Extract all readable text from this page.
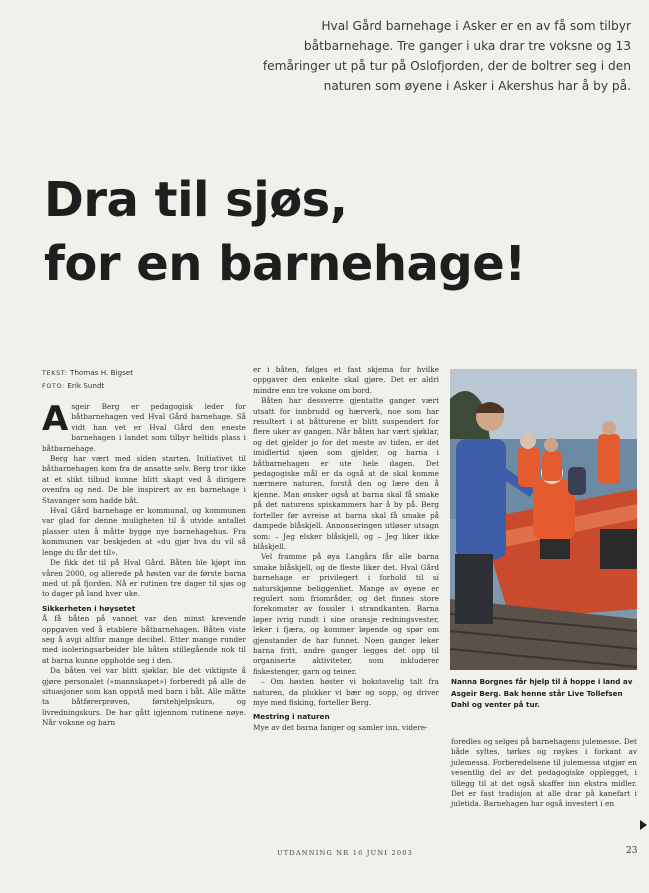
Hval Gård barnehage i Asker er en av få som tilbyr båtbarnehage. Tre ganger i uka drar tre voksne og 13 femåringer ut på tur på Oslofjorden, der de boltrer seg i den naturen som øyene i Asker i Akershus har å by på.
Dra til sjøs,
for en barnehage!
TEKST: Thomas H. Bigset
FOTO: Erik Sundt

Asgeir Berg er pedagogisk leder for båtbarnehagen ved Hval Gård barnehage. Så vidt han vet er Hval Gård den eneste barnehagen i landet som tilbyr heltids plass i båtbarnehage.

Berg har vært med siden starten. Initiativet til båtbarnehagen kom fra de ansatte selv. Berg tror ikke at et slikt tilbud kunne blitt skapt ved å dirigere ovenfra og ned. De ble inspirert av en barnehage i Stavanger som hadde båt.

Hval Gård barnehage er kommunal, og kommunen var glad for denne muligheten til å utvide antallet plasser uten å måtte bygge nye barnehagehus. Fra kommunen var beskjeden at «du gjør hva du vil så lenge du får det til».

De fikk det til på Hval Gård. Båten ble kjøpt inn våren 2000, og allerede på høsten var de første barna med ut på fjorden. Nå er rutinen tre dager til sjøs og to dager på land hver uke.

Sikkerheten i høysetet

Å få båten på vannet var den minst krevende oppgaven ved å etablere båtbarnehagen. Båten viste seg å avgi altfor mange decibel. Etter mange runder med isoleringsarbeider ble båten stillegående nok til at barna kunne oppholde seg i den.

Da båten vel var blitt sjøklar, ble det viktigste å gjøre personalet («mannskapet») forberedt på alle de situasjoner som kan oppstå med barn i båt. Alle måtte ta båtførerprøven, førstehjelpskurs, og livredningskurs. De har gått igjennom rutinene nøye. Når voksne og barn

er i båten, følges et fast skjema for hvilke oppgaver den enkelte skal gjøre. Det er aldri mindre enn tre voksne om bord.

Båten har dessverre gjentatte ganger vært utsatt for innbrudd og hærverk, noe som har resultert i at båtturene er blitt suspendert for flere uker av gangen. Når båten har vært sjøklar, og det gjelder jo for det meste av tiden, er det imidlertid sjøen som gjelder, og barna i båtbarnehagen er ute hele dagen. Det pedagogiske mål er da også at de skal komme nærmere naturen, forstå den og lære den å kjenne. Man ønsker også at barna skal få smake på det naturens spiskammers har å by på. Berg forteller før avreise at barna skal få smake på dampede blåskjell. Annonseringen utløser utsagn som: – Jeg elsker blåskjell, og – Jeg liker ikke blåskjell.

Vel framme på øya Langåra får alle barna smake blåskjell, og de fleste liker det. Hval Gård barnehage er privilegert i forhold til sí naturskjønne beliggenhet. Mange av øyene er regulert som friområder, og det finnes store forekomster av fossiler i strandkanten. Barna løper ivrig rundt i sine oransje redningsvester, leker i fjæra, og kommer løpende og spør om gjenstander de har funnet. Noen ganger leker barna fritt, andre ganger legges det opp til organiserte aktiviteter, som inkluderer fiskestenger, garn og teiner.

– Om høsten høster vi bokstavelig talt fra naturen, da plukker vi bær og sopp, og driver mye med fisking, forteller Berg.

Mestring i naturen

Mye av det barna fanger og samler inn, videre-

Nanna Borgnes får hjelp til å hoppe i land av Asgeir Berg. Bak henne står Live Tollefsen Dahl og venter på tur.

foredles og selges på barnehagens julemesse. Det både syltes, tørkes og røykes i forkant av julemessa. Forberedelsene til julemessa utgjør en vesentlig del av det pedagogiske opplegget, i tillegg til at det også skaffer inn ekstra midler. Det er fast tradisjon at alle drar på kanefart i juletida. Barnehagen har også investert i en

UTDANNING NR 16 JUNI 2003	23
